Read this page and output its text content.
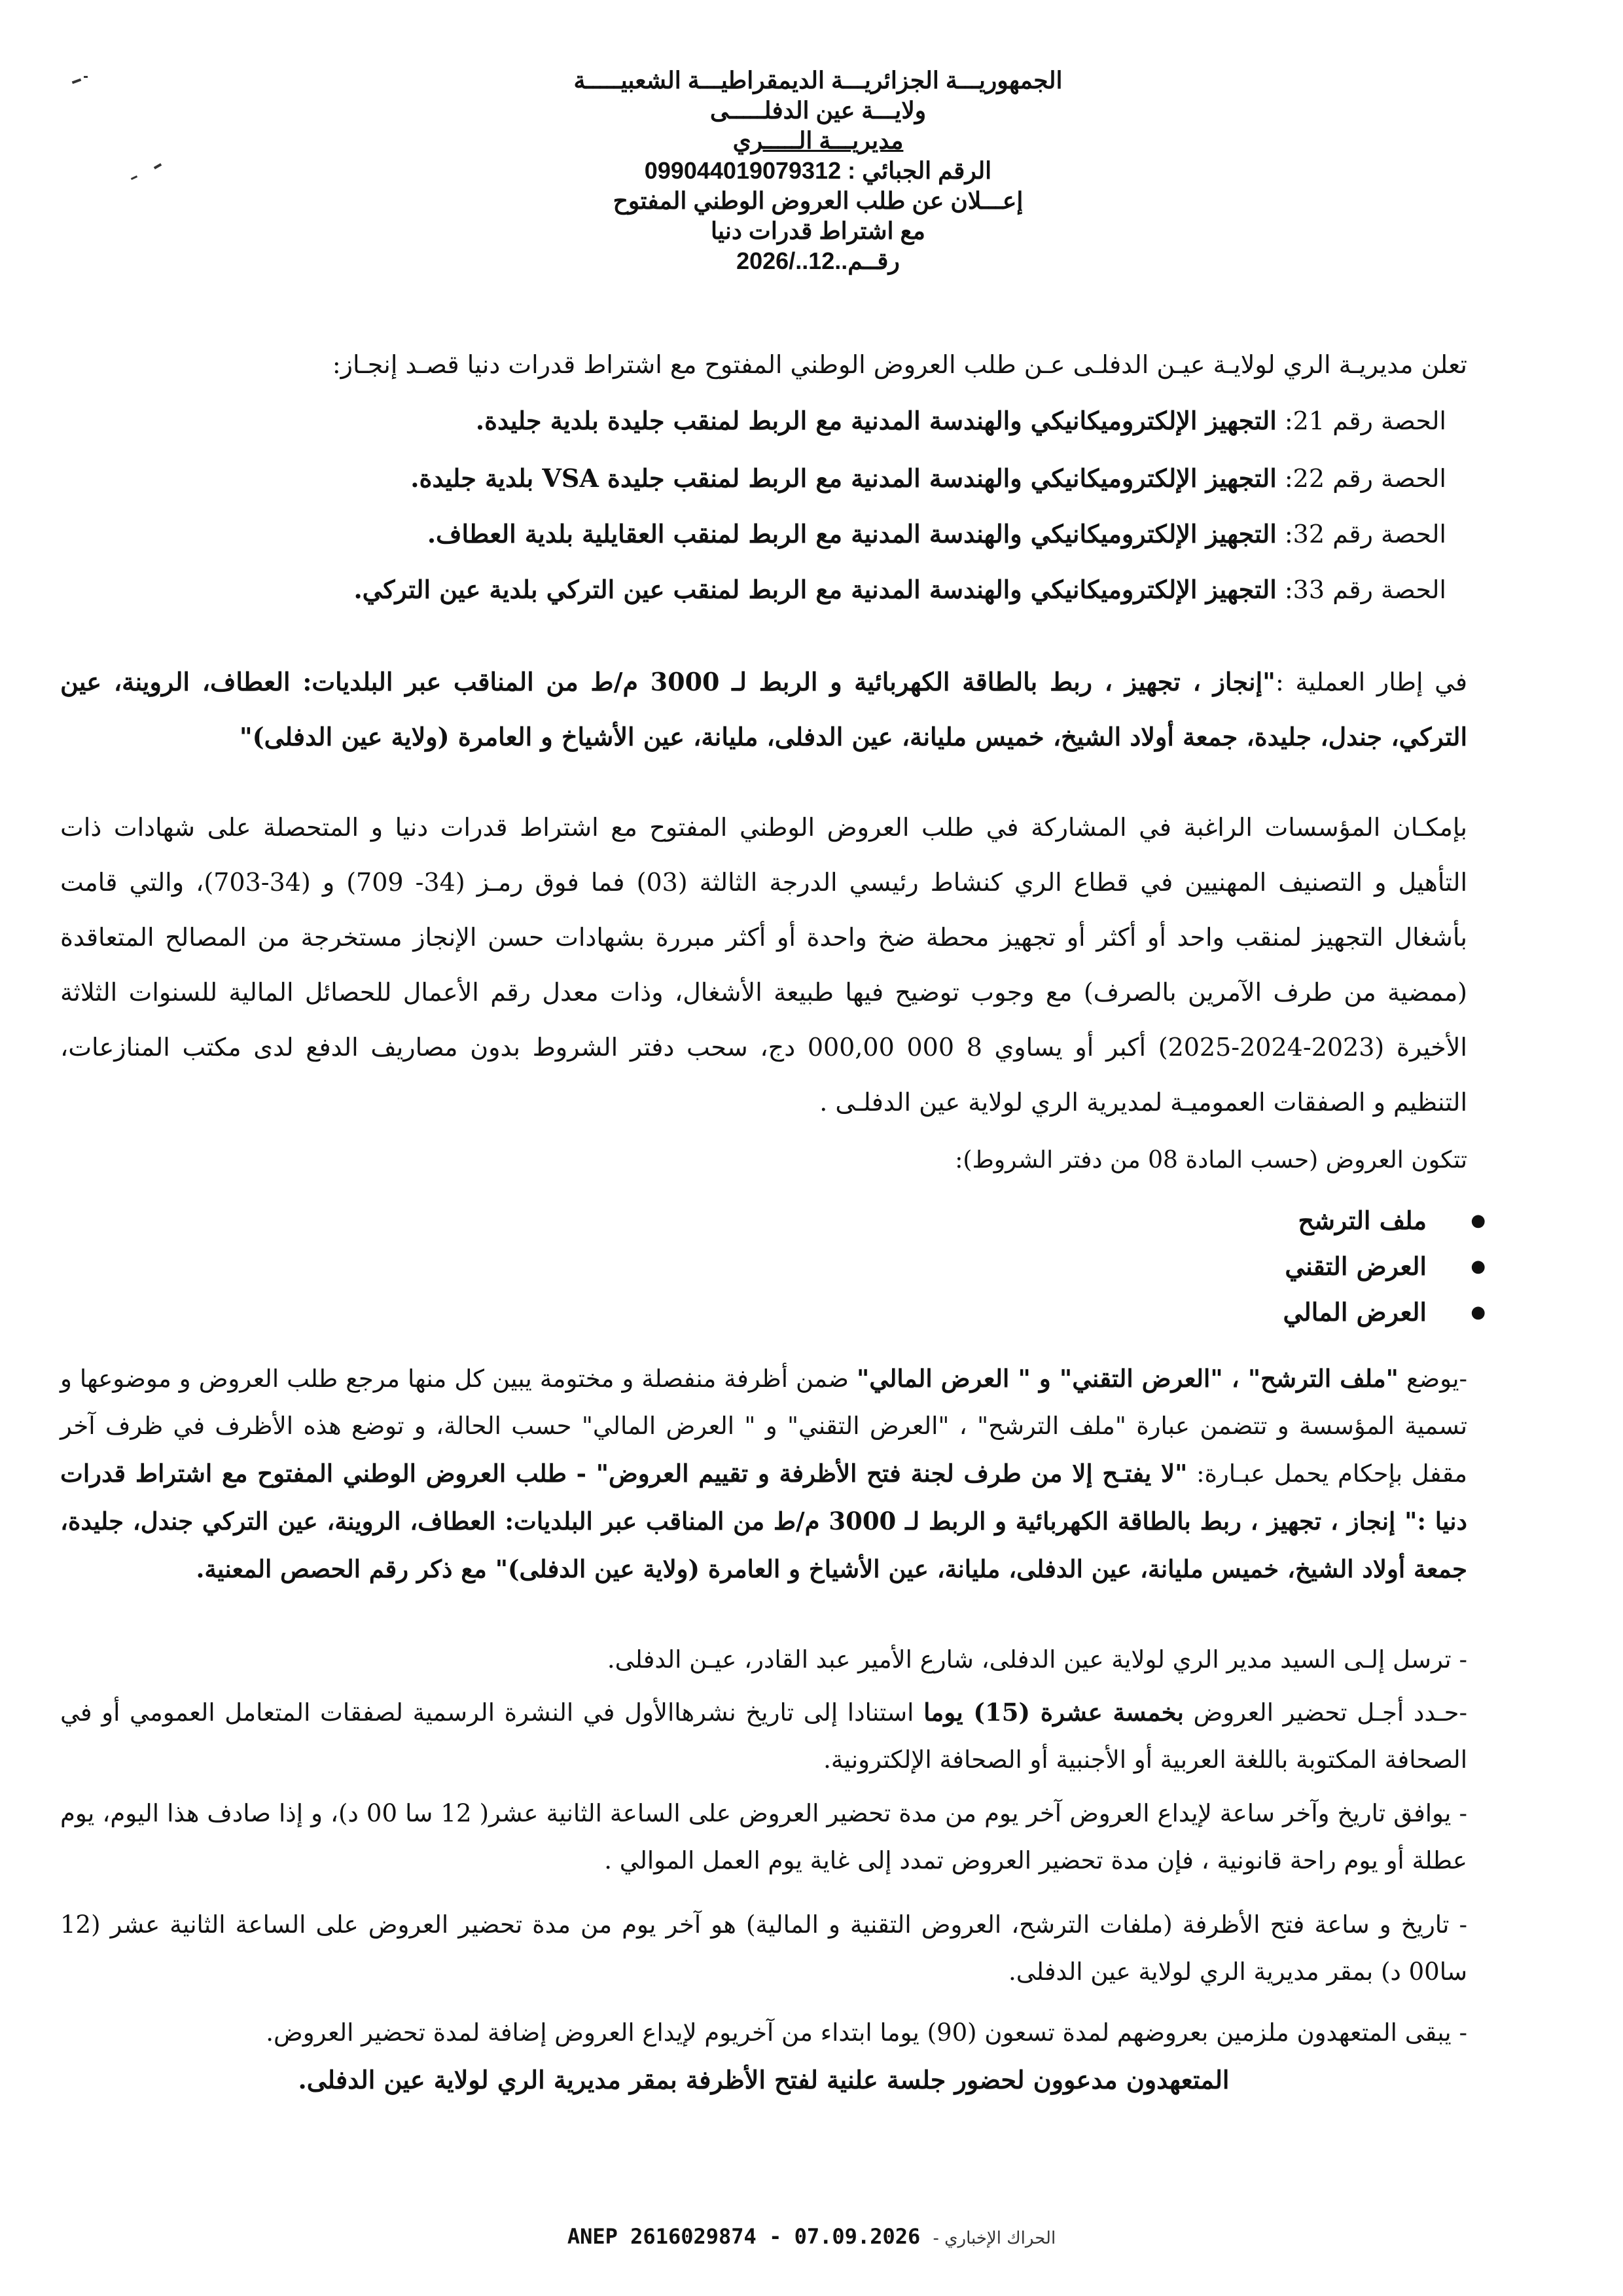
الجمهوريـــة الجزائريـــة الديمقراطيـــة الشعبيـــــة
ولايـــة عين الدفلـــــى
مديريـــة الـــــري
الرقم الجبائي : 099044019079312
إعـــلان عن طلب العروض الوطني المفتوح
مع اشتراط قدرات دنيا
رقــم..12../2026
تعلن مديريـة الري لولايـة عيـن الدفلـى عـن طلب العروض الوطني المفتوح مع اشتراط قدرات دنيا قصـد إنجـاز:
الحصة رقم 21: التجهيز الإلكتروميكانيكي والهندسة المدنية مع الربط لمنقب جليدة بلدية جليدة.
الحصة رقم 22: التجهيز الإلكتروميكانيكي والهندسة المدنية مع الربط لمنقب جليدة VSA بلدية جليدة.
الحصة رقم 32: التجهيز الإلكتروميكانيكي والهندسة المدنية مع الربط لمنقب العقايلية بلدية العطاف.
الحصة رقم 33: التجهيز الإلكتروميكانيكي والهندسة المدنية مع الربط لمنقب عين التركي بلدية عين التركي.
في إطار العملية :"إنجاز ، تجهيز ، ربط بالطاقة الكهربائية و الربط لـ 3000 م/ط من المناقب عبر البلديات: العطاف، الروينة، عين التركي، جندل، جليدة، جمعة أولاد الشيخ، خميس مليانة، عين الدفلى، مليانة، عين الأشياخ و العامرة (ولاية عين الدفلى)"
بإمكـان المؤسسات الراغبة في المشاركة في طلب العروض الوطني المفتوح مع اشتراط قدرات دنيا و المتحصلة على شهادات ذات التأهيل و التصنيف المهنيين في قطاع الري كنشاط رئيسي الدرجة الثالثة (03) فما فوق رمـز (34- 709) و (34-703)، والتي قامت بأشغال التجهيز لمنقب واحد أو أكثر أو تجهيز محطة ضخ واحدة أو أكثر مبررة بشهادات حسن الإنجاز مستخرجة من المصالح المتعاقدة (ممضية من طرف الآمرين بالصرف) مع وجوب توضيح فيها طبيعة الأشغال، وذات معدل رقم الأعمال للحصائل المالية للسنوات الثلاثة الأخيرة (2023-2024-2025) أكبر أو يساوي 8 000 000,00 دج، سحب دفتر الشروط بدون مصاريف الدفع لدى مكتب المنازعات، التنظيم و الصفقات العموميـة لمديرية الري لولاية عين الدفلـى .
تتكون العروض (حسب المادة 08 من دفتر الشروط):
● ملف الترشح
● العرض التقني
● العرض المالي
-يوضع "ملف الترشح" ، "العرض التقني" و " العرض المالي" ضمن أظرفة منفصلة و مختومة يبين كل منها مرجع طلب العروض و موضوعها و تسمية المؤسسة و تتضمن عبارة "ملف الترشح" ، "العرض التقني" و " العرض المالي" حسب الحالة، و توضع هذه الأظرف في ظرف آخر مقفل بإحكام يحمل عبـارة: "لا يفتـح إلا من طرف لجنة فتح الأظرفة و تقييم العروض" - طلب العروض الوطني المفتوح مع اشتراط قدرات دنيا :" إنجاز ، تجهيز ، ربط بالطاقة الكهربائية و الربط لـ 3000 م/ط من المناقب عبر البلديات: العطاف، الروينة، عين التركي جندل، جليدة، جمعة أولاد الشيخ، خميس مليانة، عين الدفلى، مليانة، عين الأشياخ و العامرة (ولاية عين الدفلى)" مع ذكر رقم الحصص المعنية.
- ترسل إلـى السيد مدير الري لولاية عين الدفلى، شارع الأمير عبد القادر، عيـن الدفلى.
-حـدد أجـل تحضير العروض بخمسة عشرة (15) يوما استنادا إلى تاريخ نشرهاالأول في النشرة الرسمية لصفقات المتعامل العمومي أو في الصحافة المكتوبة باللغة العربية أو الأجنبية أو الصحافة الإلكترونية.
- يوافق تاريخ وآخر ساعة لإيداع العروض آخر يوم من مدة تحضير العروض على الساعة الثانية عشر( 12 سا 00 د)، و إذا صادف هذا اليوم، يوم عطلة أو يوم راحة قانونية ، فإن مدة تحضير العروض تمدد إلى غاية يوم العمل الموالي .
- تاريخ و ساعة فتح الأظرفة (ملفات الترشح، العروض التقنية و المالية) هو آخر يوم من مدة تحضير العروض على الساعة الثانية عشر (12 سا00 د) بمقر مديرية الري لولاية عين الدفلى.
- يبقى المتعهدون ملزمين بعروضهم لمدة تسعون (90) يوما ابتداء من آخريوم لإيداع العروض إضافة لمدة تحضير العروض.
المتعهدون مدعوون لحضور جلسة علنية لفتح الأظرفة بمقر مديرية الري لولاية عين الدفلى.
ANEP 2616029874 - 07.09.2026 الحراك الإخباري -
